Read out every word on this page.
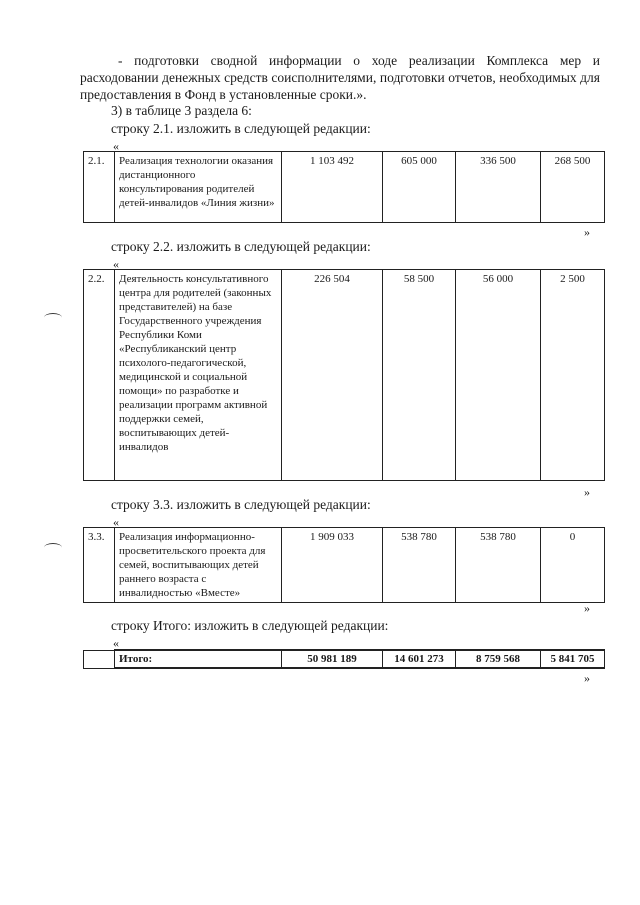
- подготовки сводной информации о ходе реализации Комплекса мер и расходовании денежных средств соисполнителями, подготовки отчетов, необходимых для предоставления в Фонд в установленные сроки.».
3) в таблице 3 раздела 6:
строку 2.1. изложить в следующей редакции:
«
2.1.	Реализация технологии оказания дистанционного консультирования родителей детей-инвалидов «Линия жизни»	1 103 492	605 000	336 500	268 500
»
строку 2.2. изложить в следующей редакции:
«
2.2.	Деятельность консультативного центра для родителей (законных представителей) на базе Государственного учреждения Республики Коми «Республиканский центр психолого-педагогической, медицинской и социальной помощи» по разработке и реализации программ активной поддержки семей, воспитывающих детей-инвалидов	226 504	58 500	56 000	2 500
»
строку 3.3. изложить в следующей редакции:
«
3.3.	Реализация информационно-просветительского проекта для семей, воспитывающих детей раннего возраста с инвалидностью «Вместе»	1 909 033	538 780	538 780	0
»
строку Итого: изложить в следующей редакции:
«
	Итого:	50 981 189	14 601 273	8 759 568	5 841 705
»
